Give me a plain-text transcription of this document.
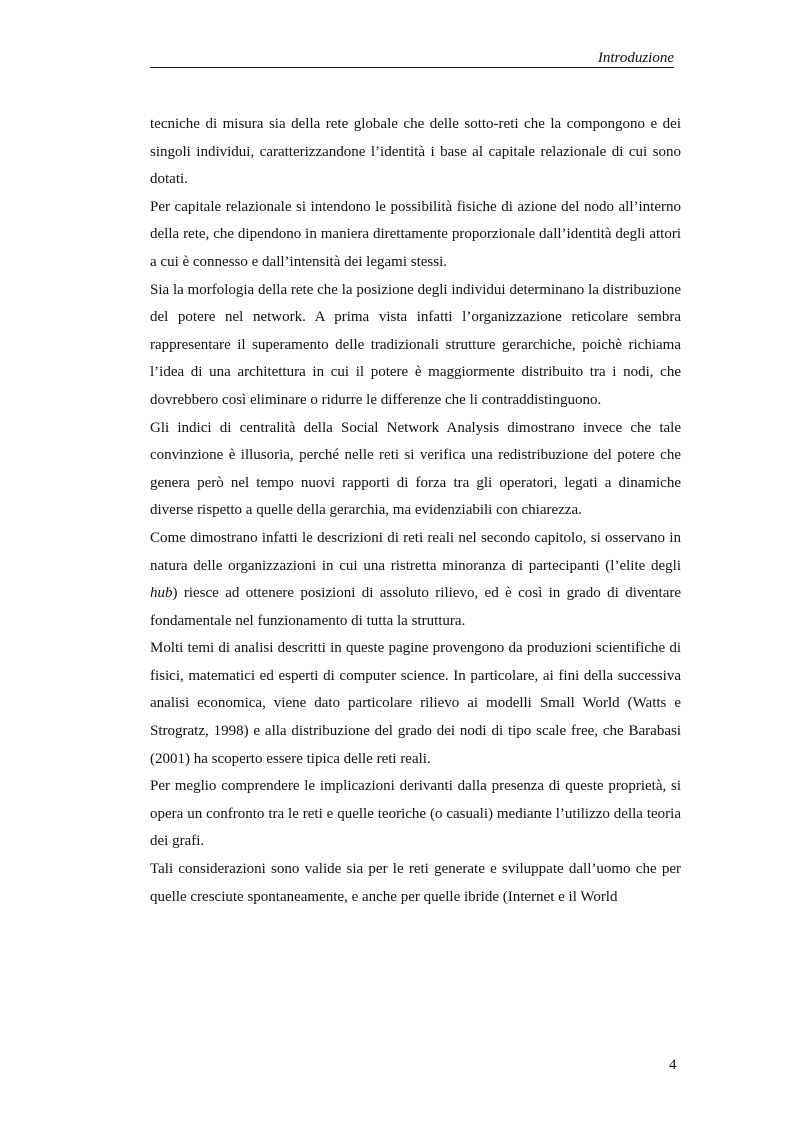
Introduzione

tecniche di misura sia della rete globale che delle sotto-reti che la compongono e dei singoli individui, caratterizzandone l’identità i base al capitale relazionale di cui sono dotati.

Per capitale relazionale si intendono le possibilità fisiche di azione del nodo all’interno della rete, che dipendono in maniera direttamente proporzionale dall’identità degli attori a cui è connesso e dall’intensità dei legami stessi.

Sia la morfologia della rete che la posizione degli individui determinano la distribuzione del potere nel network. A prima vista infatti l’organizzazione reticolare sembra rappresentare il superamento delle tradizionali strutture gerarchiche, poichè richiama l’idea di una architettura in cui il potere è maggiormente distribuito tra i nodi, che dovrebbero così eliminare o ridurre le differenze che li contraddistinguono.

Gli indici di centralità della Social Network Analysis dimostrano invece che tale convinzione è illusoria, perché nelle reti si verifica una redistribuzione del potere che genera però nel tempo nuovi rapporti di forza tra gli operatori, legati a dinamiche diverse rispetto a quelle della gerarchia, ma evidenziabili con chiarezza.

Come dimostrano infatti le descrizioni di reti reali nel secondo capitolo, si osservano in natura delle organizzazioni in cui una ristretta minoranza di partecipanti (l’elite degli hub) riesce ad ottenere posizioni di assoluto rilievo, ed è così in grado di diventare fondamentale nel funzionamento di tutta la struttura.

Molti temi di analisi descritti in queste pagine provengono da produzioni scientifiche di fisici, matematici ed esperti di computer science. In particolare, ai fini della successiva analisi economica, viene dato particolare rilievo ai modelli Small World (Watts e Strogratz, 1998) e alla distribuzione del grado dei nodi di tipo scale free, che Barabasi (2001) ha scoperto essere tipica delle reti reali.

Per meglio comprendere le implicazioni derivanti dalla presenza di queste proprietà, si opera un confronto tra le reti e quelle teoriche (o casuali) mediante l’utilizzo della teoria dei grafi.

Tali considerazioni sono valide sia per le reti generate e sviluppate dall’uomo che per quelle cresciute spontaneamente, e anche per quelle ibride (Internet e il World

4
